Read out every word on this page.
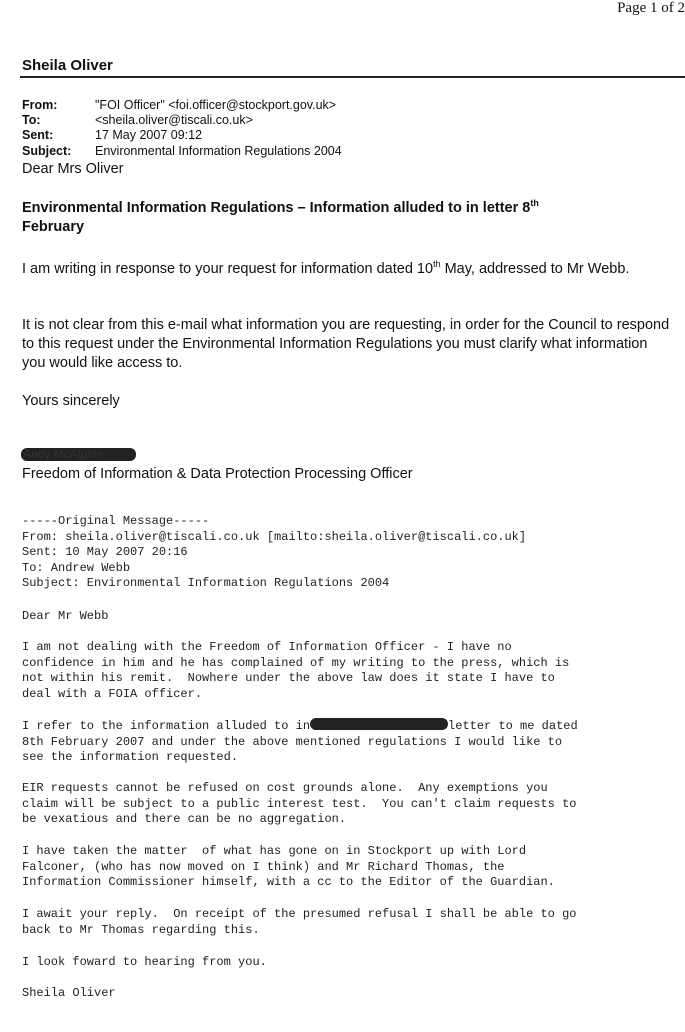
Page 1 of 2
Sheila Oliver
From:	"FOI Officer" <foi.officer@stockport.gov.uk>
To:	<sheila.oliver@tiscali.co.uk>
Sent:	17 May 2007 09:12
Subject:	Environmental Information Regulations 2004
Dear Mrs Oliver
Environmental Information Regulations – Information alluded to in letter 8th
February
I am writing in response to your request for information dated 10th May, addressed to Mr Webb.
It is not clear from this e-mail what information you are requesting, in order for the Council to respond to this request under the Environmental Information Regulations you must clarify what information you would like access to.
Yours sincerely
Andy McAlpine
Freedom of Information & Data Protection Processing Officer
-----Original Message-----
From: sheila.oliver@tiscali.co.uk [mailto:sheila.oliver@tiscali.co.uk]
Sent: 10 May 2007 20:16
To: Andrew Webb
Subject: Environmental Information Regulations 2004
Dear Mr Webb
I am not dealing with the Freedom of Information Officer - I have no
confidence in him and he has complained of my writing to the press, which is
not within his remit.  Nowhere under the above law does it state I have to
deal with a FOIA officer.
I refer to the information alluded to in	letter to me dated
8th February 2007 and under the above mentioned regulations I would like to
see the information requested.
EIR requests cannot be refused on cost grounds alone.  Any exemptions you
claim will be subject to a public interest test.  You can't claim requests to
be vexatious and there can be no aggregation.
I have taken the matter  of what has gone on in Stockport up with Lord
Falconer, (who has now moved on I think) and Mr Richard Thomas, the
Information Commissioner himself, with a cc to the Editor of the Guardian.
I await your reply.  On receipt of the presumed refusal I shall be able to go
back to Mr Thomas regarding this.
I look foward to hearing from you.
Sheila Oliver
